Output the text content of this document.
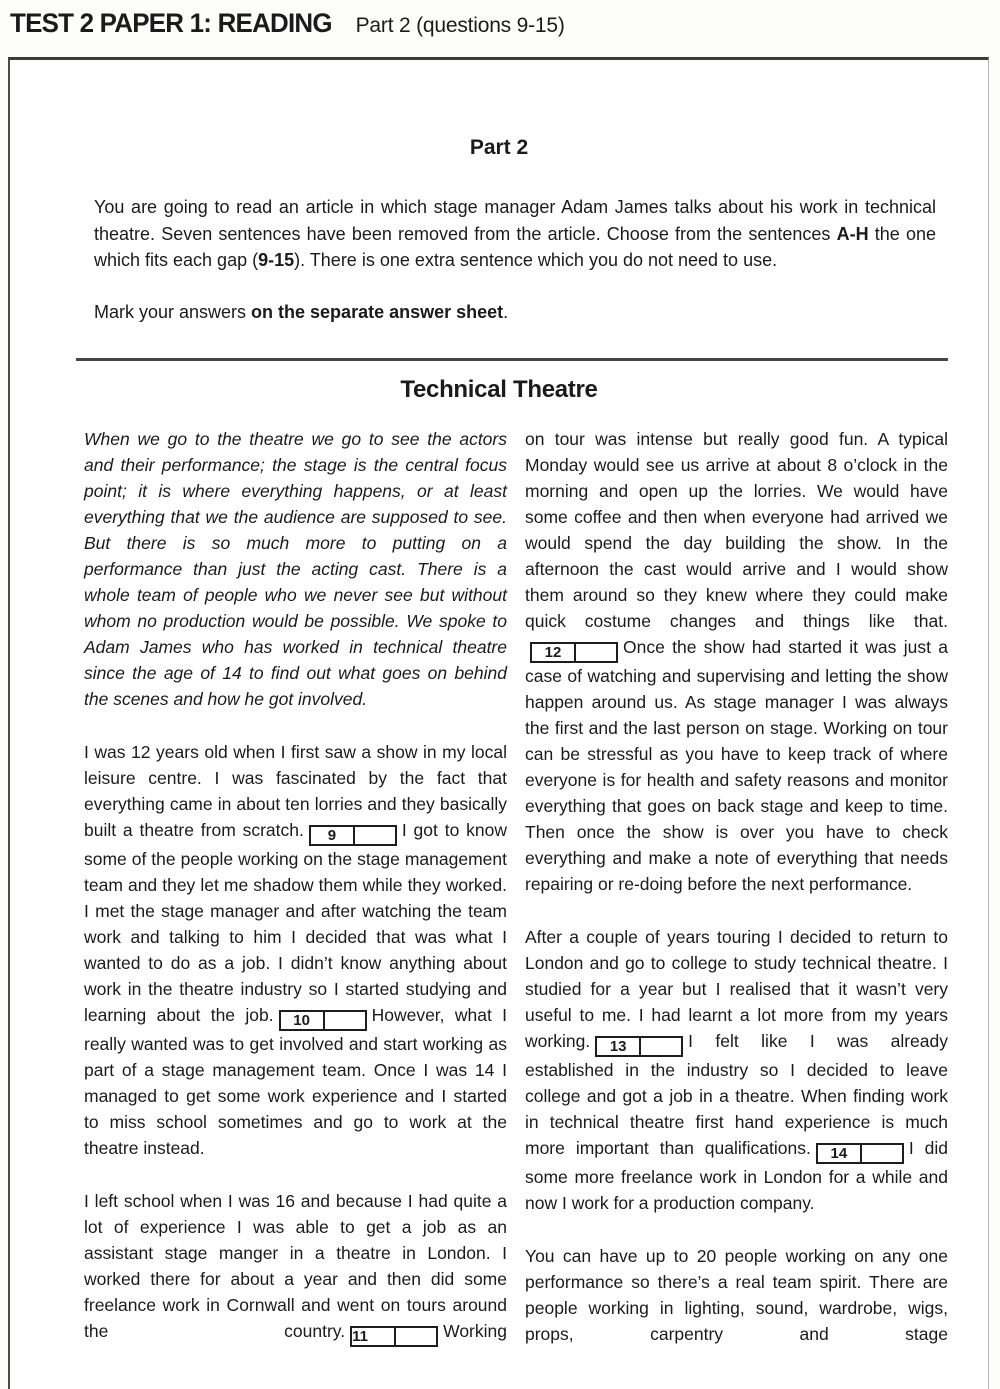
TEST 2 PAPER 1: READING Part 2 (questions 9-15)
Part 2

You are going to read an article in which stage manager Adam James talks about his work in technical theatre. Seven sentences have been removed from the article. Choose from the sentences A-H the one which fits each gap (9-15). There is one extra sentence which you do not need to use.

Mark your answers on the separate answer sheet.

Technical Theatre

When we go to the theatre we go to see the actors and their performance; the stage is the central focus point; it is where everything happens, or at least everything that we the audience are supposed to see. But there is so much more to putting on a performance than just the acting cast. There is a whole team of people who we never see but without whom no production would be possible. We spoke to Adam James who has worked in technical theatre since the age of 14 to find out what goes on behind the scenes and how he got involved.

I was 12 years old when I first saw a show in my local leisure centre. I was fascinated by the fact that everything came in about ten lorries and they basically built a theatre from scratch.	9	I got to know some of the people working on the stage management team and they let me shadow them while they worked. I met the stage manager and after watching the team work and talking to him I decided that was what I wanted to do as a job. I didn’t know anything about work in the theatre industry so I started studying and learning about the job.	10	However, what I really wanted was to get involved and start working as part of a stage management team. Once I was 14 I managed to get some work experience and I started to miss school sometimes and go to work at the theatre instead.

I left school when I was 16 and because I had quite a lot of experience I was able to get a job as an assistant stage manger in a theatre in London. I worked there for about a year and then did some freelance work in Cornwall and went on tours around the country. 11	Working

on tour was intense but really good fun. A typical Monday would see us arrive at about 8 o’clock in the morning and open up the lorries. We would have some coffee and then when everyone had arrived we would spend the day building the show. In the afternoon the cast would arrive and I would show them around so they knew where they could make quick costume changes and things like that.
12	Once the show had started it was just a case of watching and supervising and letting the show happen around us. As stage manager I was always the first and the last person on stage. Working on tour can be stressful as you have to keep track of where everyone is for health and safety reasons and monitor everything that goes on back stage and keep to time. Then once the show is over you have to check everything and make a note of everything that needs repairing or re-doing before the next performance.

After a couple of years touring I decided to return to London and go to college to study technical theatre. I studied for a year but I realised that it wasn’t very useful to me. I had learnt a lot more from my years working.	13	I felt like I was already established in the industry so I decided to leave college and got a job in a theatre. When finding work in technical theatre first hand experience is much more important than qualifications.	14	I did some more freelance work in London for a while and now I work for a production company.

You can have up to 20 people working on any one performance so there’s a real team spirit. There are people working in lighting, sound, wardrobe, wigs, props, carpentry and stage
